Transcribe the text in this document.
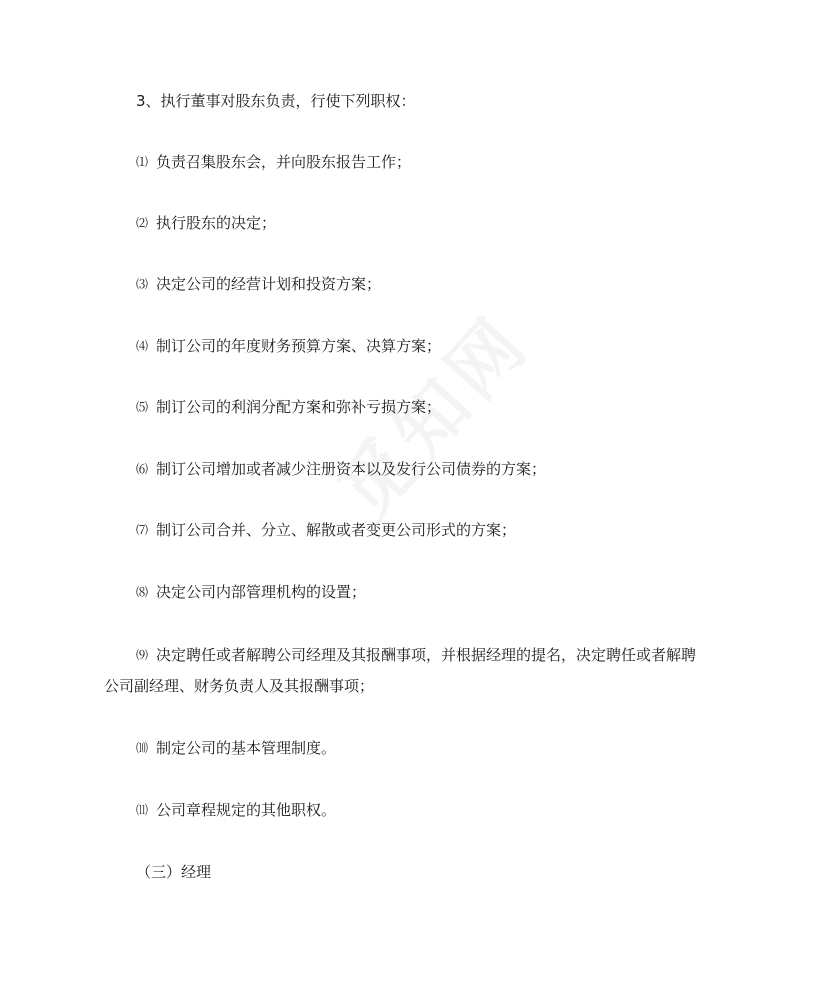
3、执行董事对股东负责，行使下列职权：
⑴ 负责召集股东会，并向股东报告工作；
⑵ 执行股东的决定；
⑶ 决定公司的经营计划和投资方案；
⑷ 制订公司的年度财务预算方案、决算方案；
⑸ 制订公司的利润分配方案和弥补亏损方案；
⑹ 制订公司增加或者减少注册资本以及发行公司债券的方案；
⑺ 制订公司合并、分立、解散或者变更公司形式的方案；
⑻ 决定公司内部管理机构的设置；
⑼ 决定聘任或者解聘公司经理及其报酬事项，并根据经理的提名，决定聘任或者解聘
公司副经理、财务负责人及其报酬事项；
⑽ 制定公司的基本管理制度。
⑾ 公司章程规定的其他职权。
（三）经理
